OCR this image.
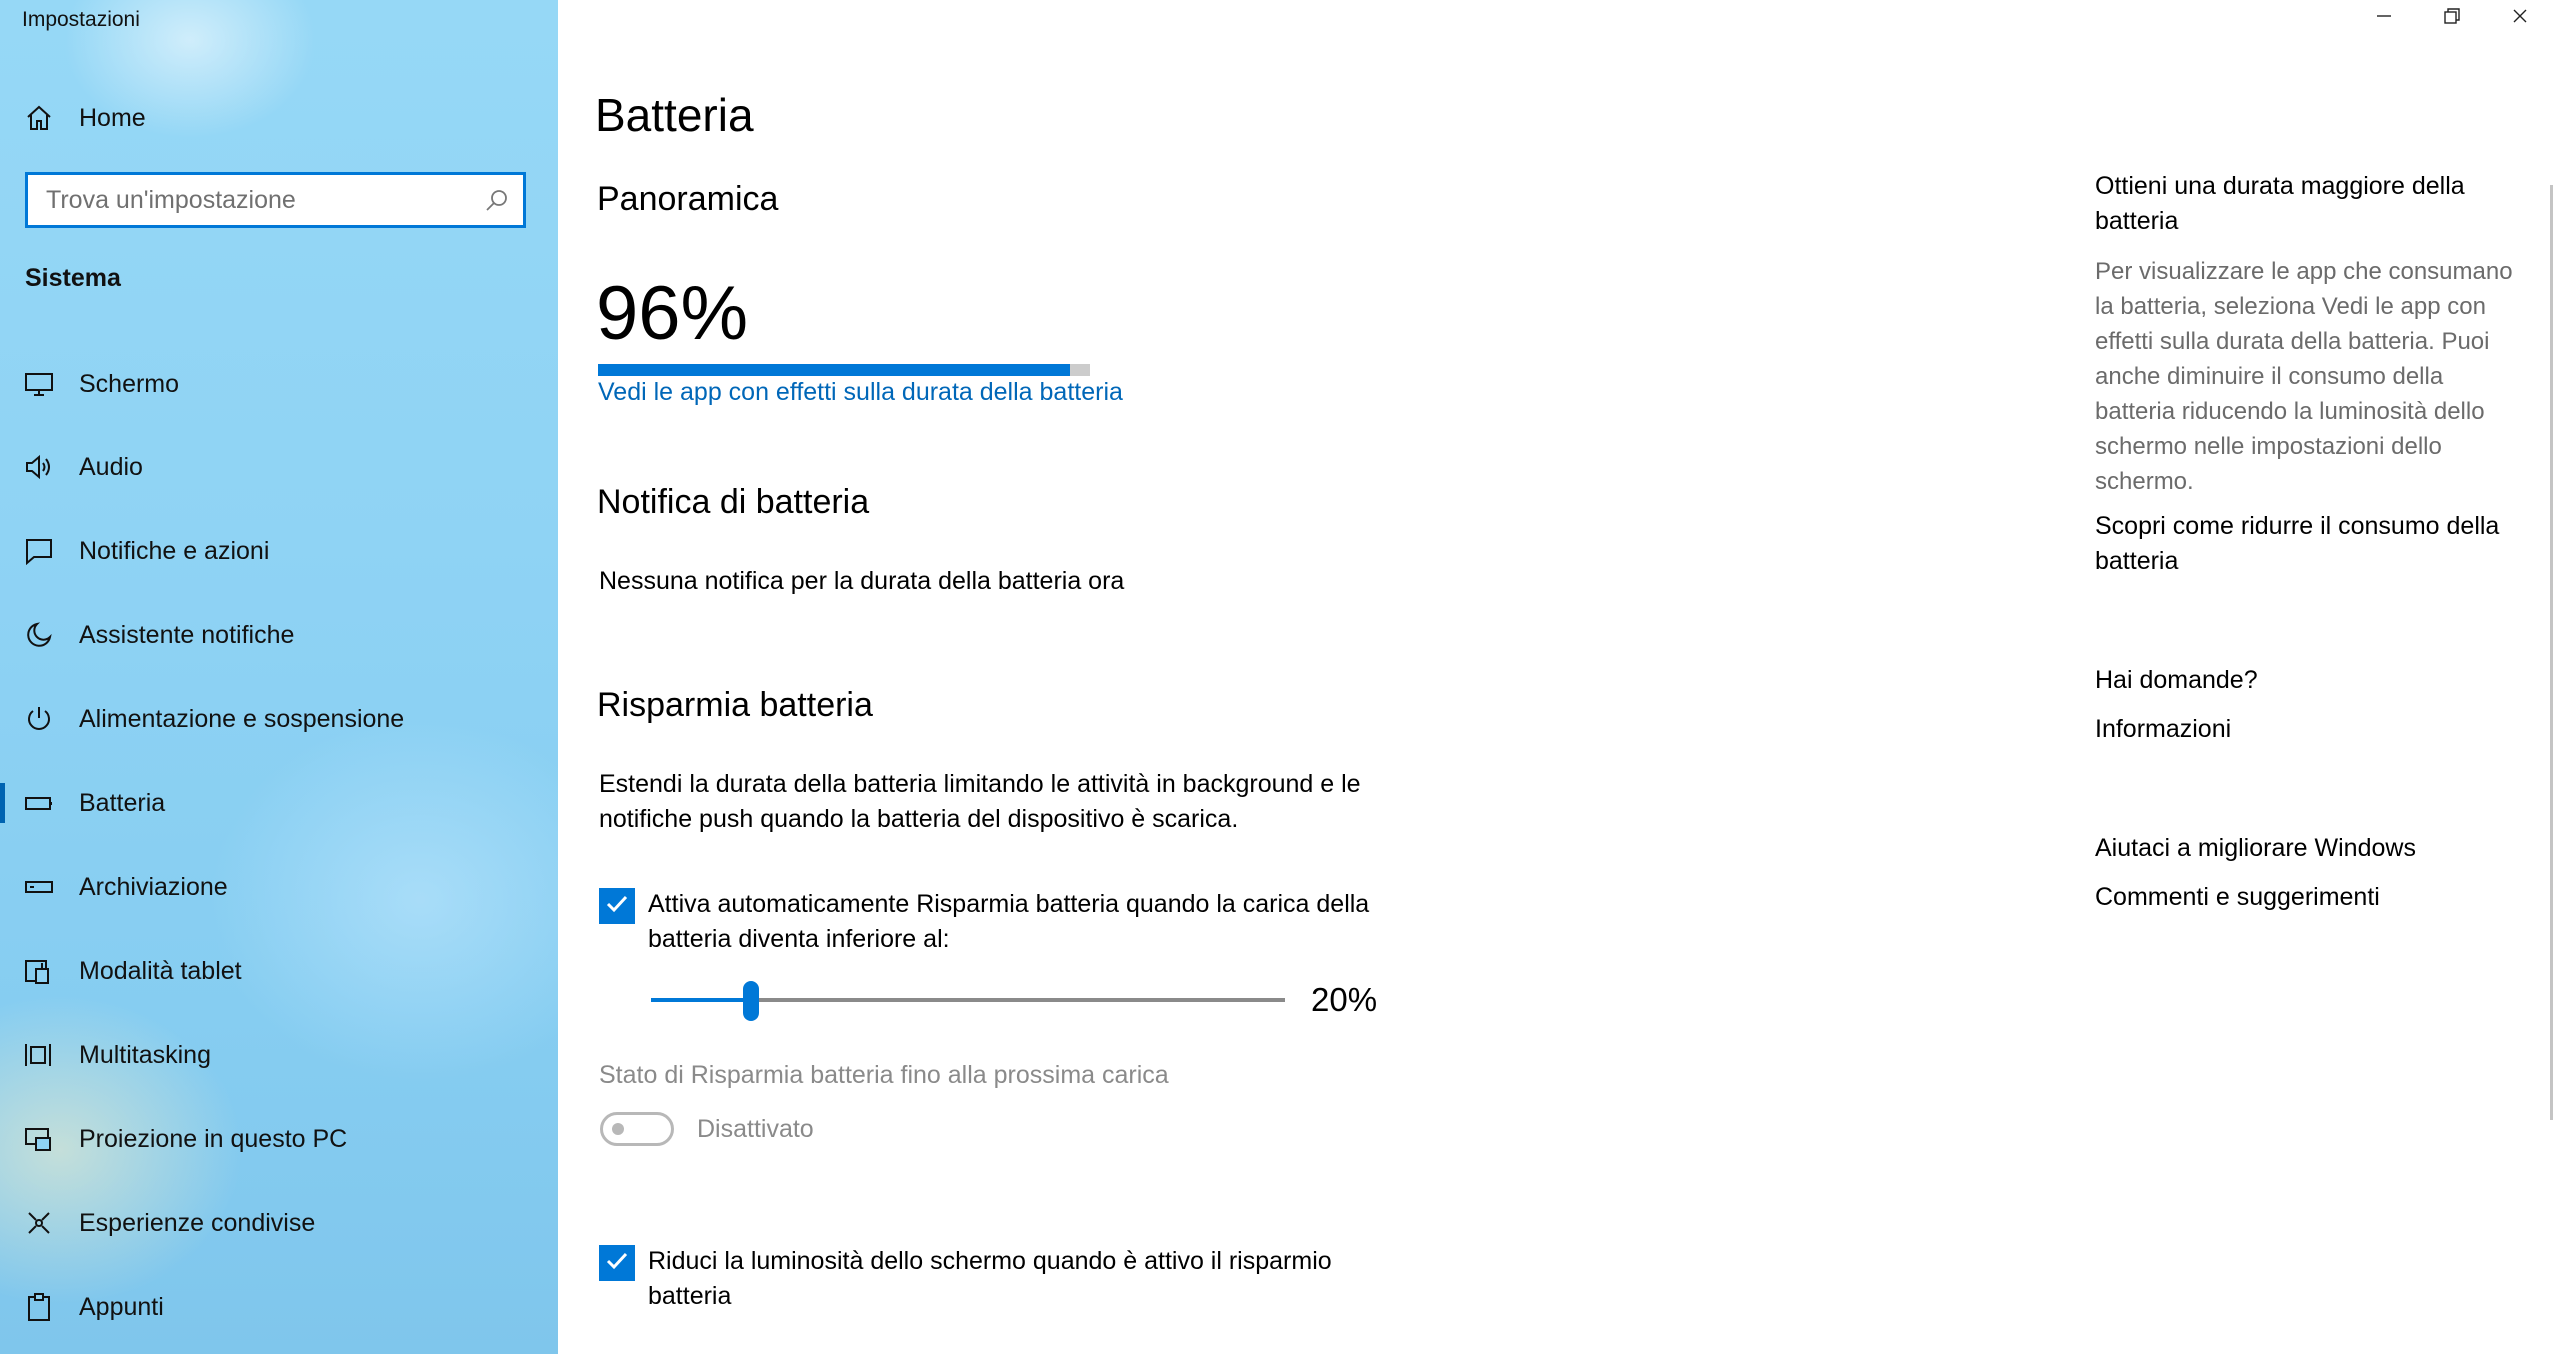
Impostazioni
Home
Trova un'impostazione
Sistema
Schermo
Audio
Notifiche e azioni
Assistente notifiche
Alimentazione e sospensione
Batteria
Archiviazione
Modalità tablet
Multitasking
Proiezione in questo PC
Esperienze condivise
Appunti
Batteria
Panoramica
96%
Vedi le app con effetti sulla durata della batteria
Notifica di batteria
Nessuna notifica per la durata della batteria ora
Risparmia batteria
Estendi la durata della batteria limitando le attività in background e le notifiche push quando la batteria del dispositivo è scarica.
Attiva automaticamente Risparmia batteria quando la carica della batteria diventa inferiore al:
20%
Stato di Risparmia batteria fino alla prossima carica
Disattivato
Riduci la luminosità dello schermo quando è attivo il risparmio batteria
Ottieni una durata maggiore della batteria
Per visualizzare le app che consumano la batteria, seleziona Vedi le app con effetti sulla durata della batteria. Puoi anche diminuire il consumo della batteria riducendo la luminosità dello schermo nelle impostazioni dello schermo.
Scopri come ridurre il consumo della batteria
Hai domande?
Informazioni
Aiutaci a migliorare Windows
Commenti e suggerimenti
